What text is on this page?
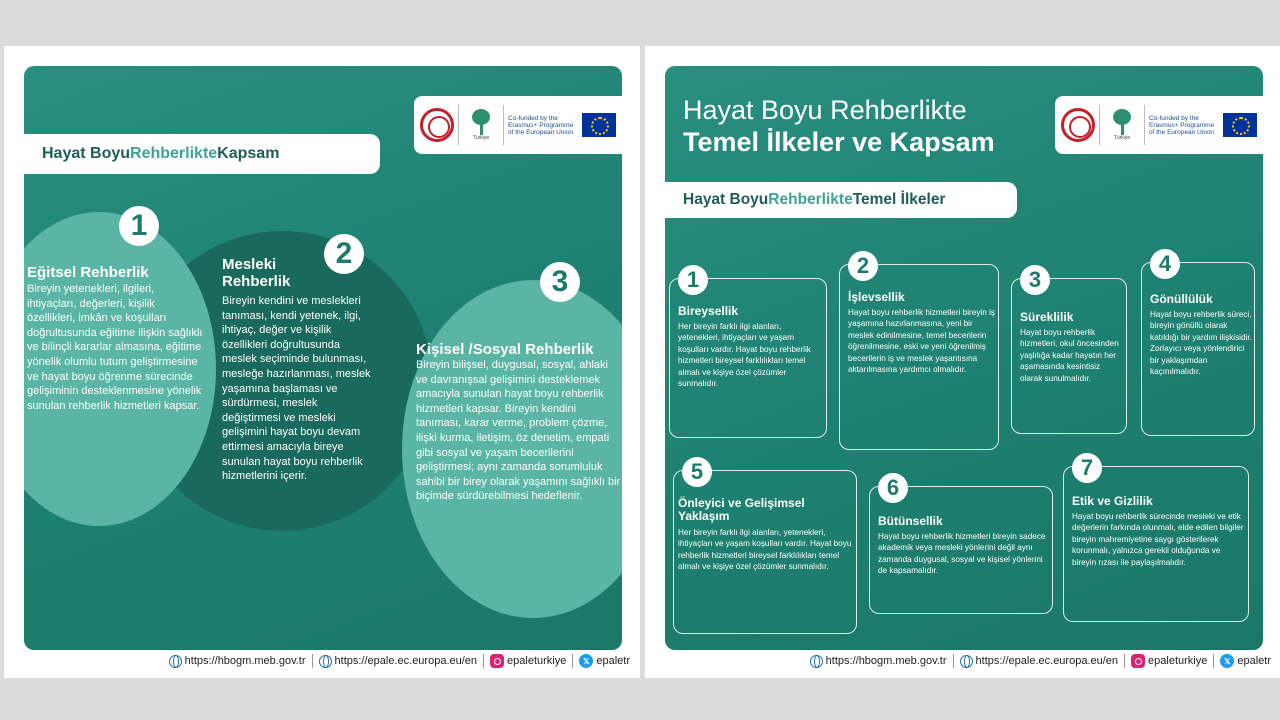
Türkiye
Co-funded by the Erasmus+ Programme of the European Union
Hayat Boyu Rehberlikte Kapsam
1
Eğitsel Rehberlik
Bireyin yetenekleri, ilgileri, ihtiyaçları, değerleri, kişilik özellikleri, imkân ve koşulları doğrultusunda eğitime ilişkin sağlıklı ve bilinçli kararlar almasına, eğitime yönelik olumlu tutum geliştirmesine ve hayat boyu öğrenme sürecinde gelişiminin desteklenmesine yönelik sunulan rehberlik hizmetleri kapsar.
2
Mesleki Rehberlik
Bireyin kendini ve meslekleri tanıması, kendi yetenek, ilgi, ihtiyaç, değer ve kişilik özellikleri doğrultusunda meslek seçiminde bulunması, mesleğe hazırlanması, meslek yaşamına başlaması ve sürdürmesi, meslek değiştirmesi ve mesleki gelişimini hayat boyu devam ettirmesi amacıyla bireye sunulan hayat boyu rehberlik hizmetlerini içerir.
3
Kişisel /Sosyal Rehberlik
Bireyin bilişsel, duygusal, sosyal, ahlaki ve davranışsal gelişimini desteklemek amacıyla sunulan hayat boyu rehberlik hizmetleri kapsar. Bireyin kendini tanıması, karar verme, problem çözme, ilişki kurma, iletişim, öz denetim, empati gibi sosyal ve yaşam becerilerini geliştirmesi; aynı zamanda sorumluluk sahibi bir birey olarak yaşamını sağlıklı bir biçimde sürdürebilmesi hedeflenir.
https://hbogm.meb.gov.tr	https://epale.ec.europa.eu/en	epaleturkiye	𝕏 epaletr
Hayat Boyu Rehberlikte
Temel İlkeler ve Kapsam	Türkiye
Co-funded by the Erasmus+ Programme of the European Union
Hayat Boyu Rehberlikte Temel İlkeler
1
Bireysellik
Her bireyin farklı ilgi alanları, yetenekleri, ihtiyaçları ve yaşam koşulları vardır. Hayat boyu rehberlik hizmetleri bireysel farklılıkları temel almalı ve kişiye özel çözümler sunmalıdır.
2
İşlevsellik
Hayat boyu rehberlik hizmetleri bireyin iş yaşamına hazırlanmasına, yeni bir meslek edinilmesine, temel becerilerin öğrenilmesine, eski ve yeni öğrenilmiş becerilerin iş ve meslek yaşantısına aktarılmasına yardımcı olmalıdır.
3
Süreklilik
Hayat boyu rehberlik hizmetleri, okul öncesinden yaşlılığa kadar hayatın her aşamasında kesintisiz olarak sunulmalıdır.
4
Gönüllülük
Hayat boyu rehberlik süreci, bireyin gönüllü olarak katıldığı bir yardım ilişkisidir. Zorlayıcı veya yönlendirici bir yaklaşımdan kaçınılmalıdır.
5
Önleyici ve Gelişimsel Yaklaşım
Her bireyin farklı ilgi alanları, yetenekleri, ihtiyaçları ve yaşam koşulları vardır. Hayat boyu rehberlik hizmetleri bireysel farklılıkları temel almalı ve kişiye özel çözümler sunmalıdır.
6
Bütünsellik
Hayat boyu rehberlik hizmetleri bireyin sadece akademik veya mesleki yönlerini değil aynı zamanda duygusal, sosyal ve kişisel yönlerini de kapsamalıdır.
7
Etik ve Gizlilik
Hayat boyu rehberlik sürecinde mesleki ve etik değerlerin farkında olunmalı, elde edilen bilgiler bireyin mahremiyetine saygı gösterilerek korunmalı, yalnızca gerekli olduğunda ve bireyin rızası ile paylaşılmalıdır.
https://hbogm.meb.gov.tr	https://epale.ec.europa.eu/en	epaleturkiye	𝕏 epaletr
